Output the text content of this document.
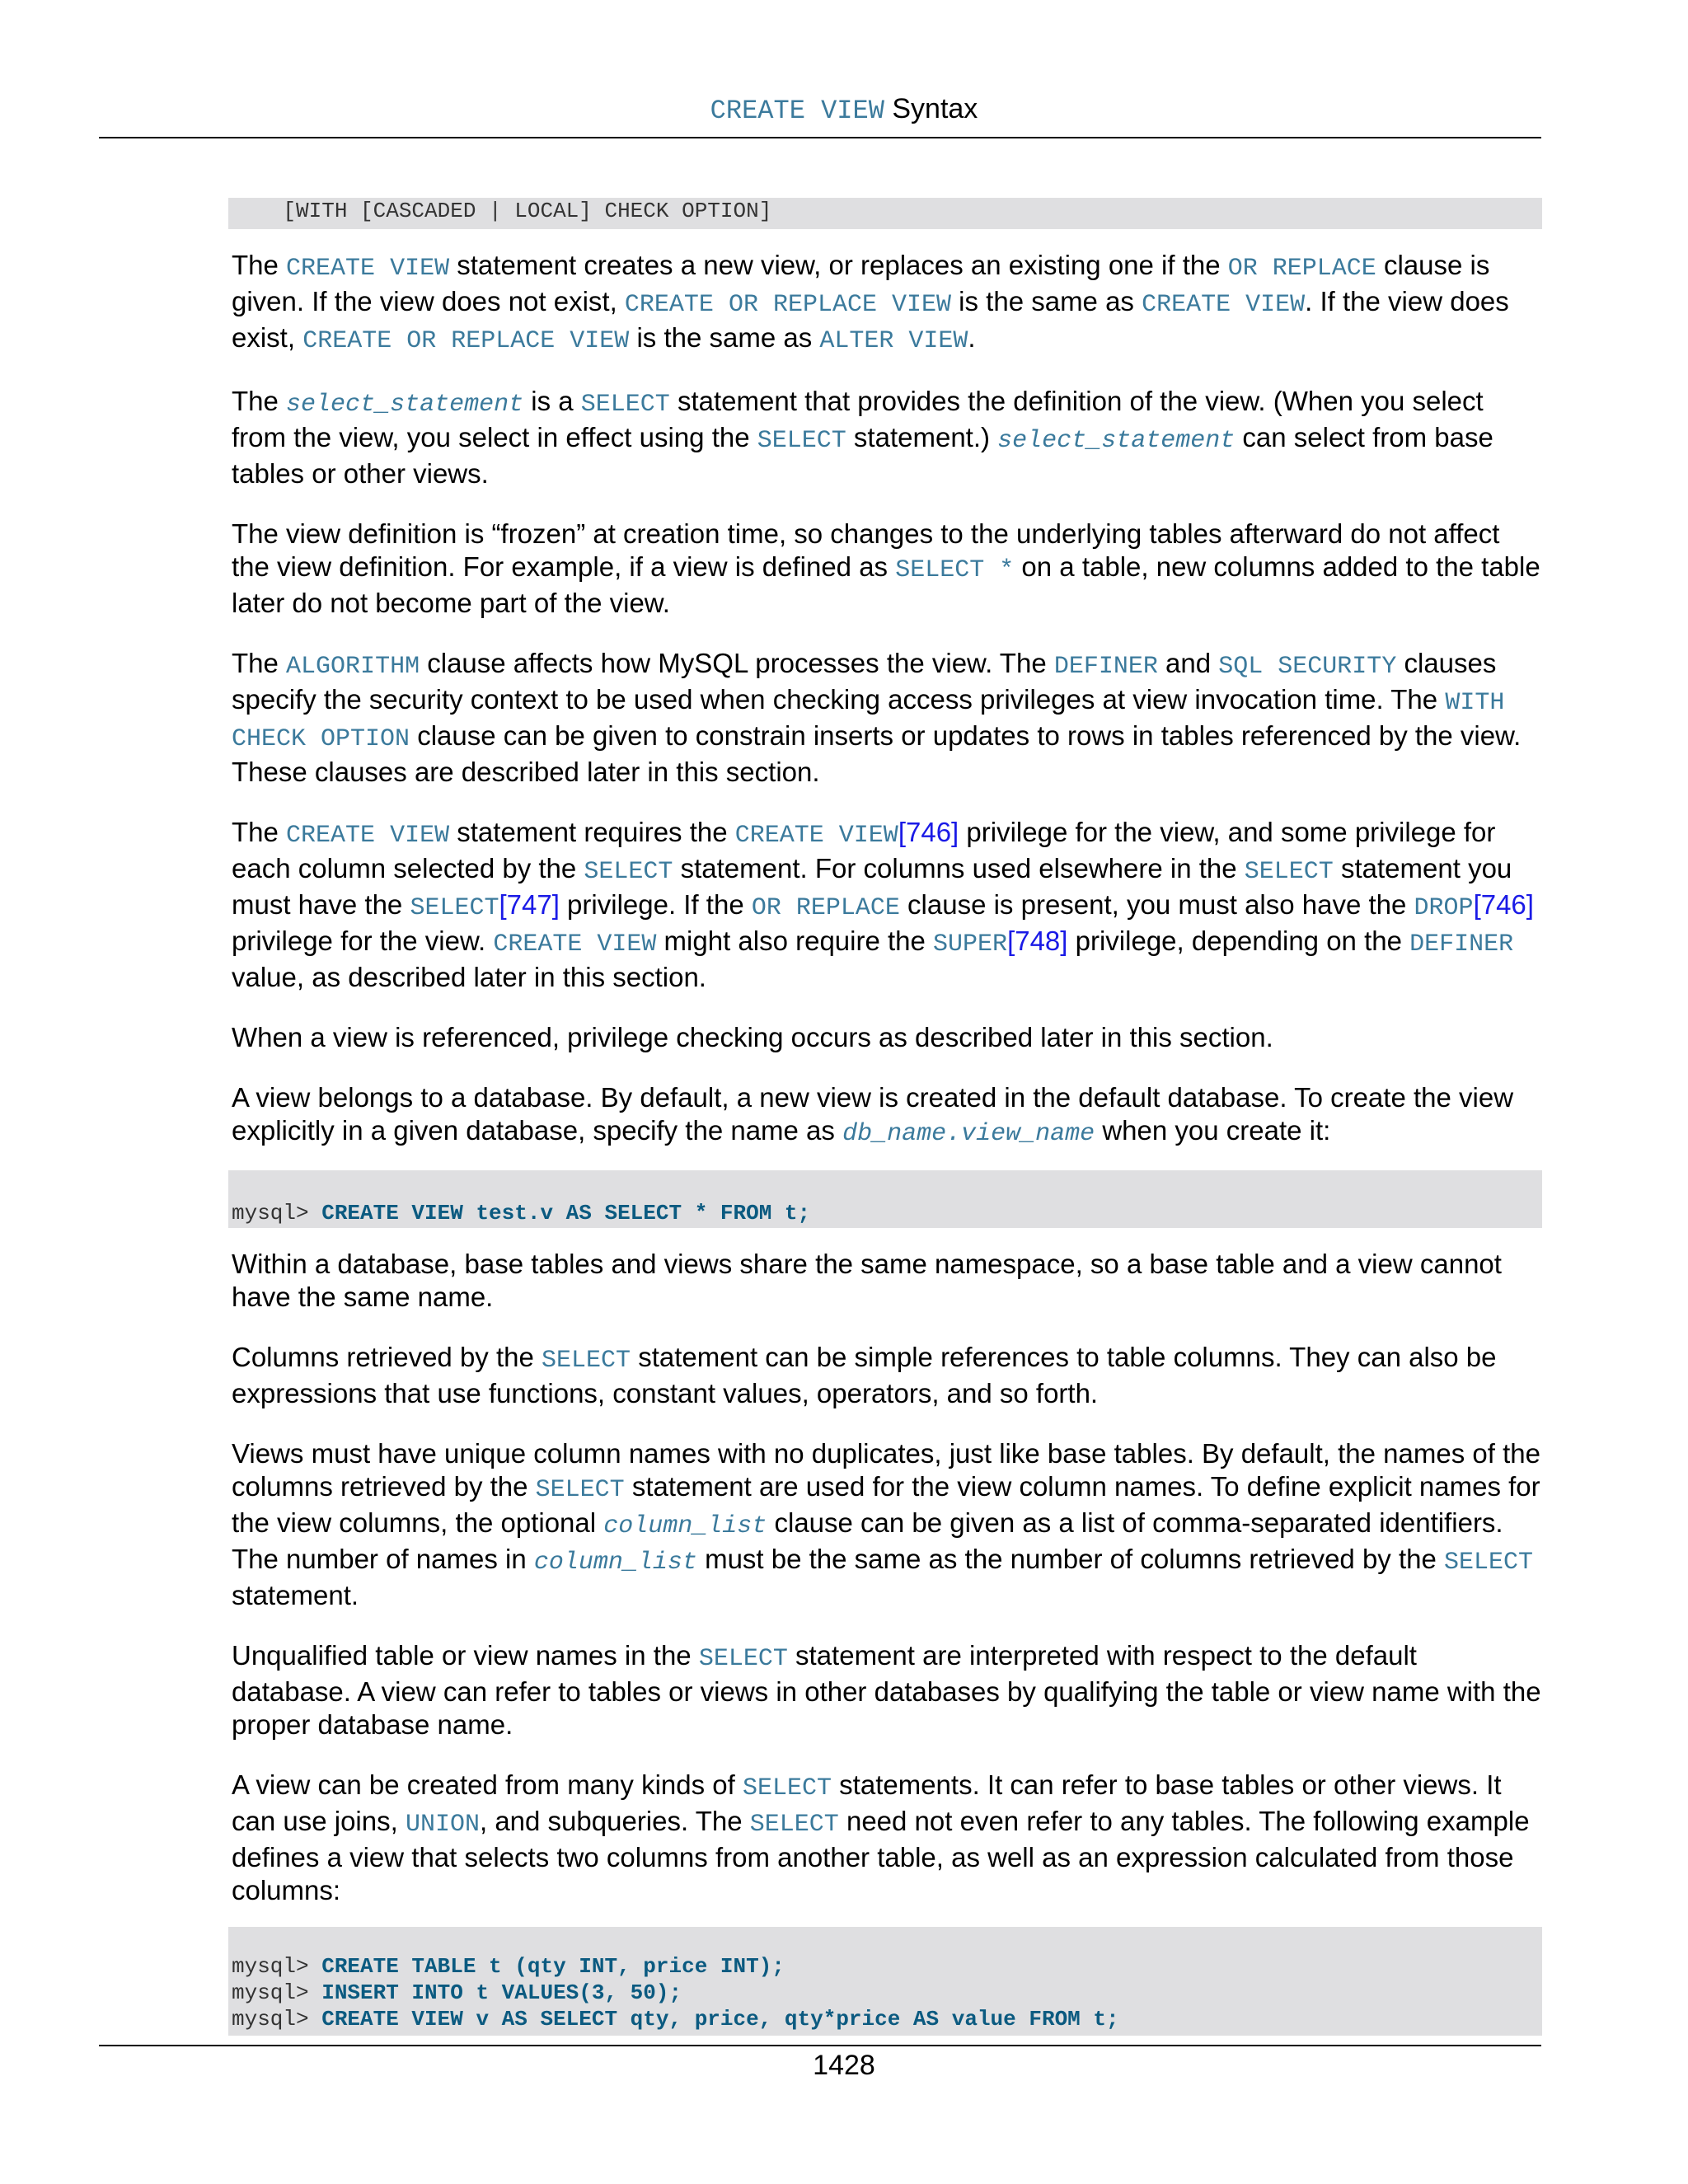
CREATE VIEW Syntax
[WITH [CASCADED | LOCAL] CHECK OPTION]

The CREATE VIEW statement creates a new view, or replaces an existing one if the OR REPLACE clause is given. If the view does not exist, CREATE OR REPLACE VIEW is the same as CREATE VIEW. If the view does exist, CREATE OR REPLACE VIEW is the same as ALTER VIEW.

The select_statement is a SELECT statement that provides the definition of the view. (When you select from the view, you select in effect using the SELECT statement.) select_statement can select from base tables or other views.

The view definition is “frozen” at creation time, so changes to the underlying tables afterward do not affect the view definition. For example, if a view is defined as SELECT * on a table, new columns added to the table later do not become part of the view.

The ALGORITHM clause affects how MySQL processes the view. The DEFINER and SQL SECURITY clauses specify the security context to be used when checking access privileges at view invocation time. The WITH CHECK OPTION clause can be given to constrain inserts or updates to rows in tables referenced by the view. These clauses are described later in this section.

The CREATE VIEW statement requires the CREATE VIEW[746] privilege for the view, and some privilege for each column selected by the SELECT statement. For columns used elsewhere in the SELECT statement you must have the SELECT[747] privilege. If the OR REPLACE clause is present, you must also have the DROP[746] privilege for the view. CREATE VIEW might also require the SUPER[748] privilege, depending on the DEFINER value, as described later in this section.

When a view is referenced, privilege checking occurs as described later in this section.

A view belongs to a database. By default, a new view is created in the default database. To create the view explicitly in a given database, specify the name as db_name.view_name when you create it:

mysql> CREATE VIEW test.v AS SELECT * FROM t;

Within a database, base tables and views share the same namespace, so a base table and a view cannot have the same name.

Columns retrieved by the SELECT statement can be simple references to table columns. They can also be expressions that use functions, constant values, operators, and so forth.

Views must have unique column names with no duplicates, just like base tables. By default, the names of the columns retrieved by the SELECT statement are used for the view column names. To define explicit names for the view columns, the optional column_list clause can be given as a list of comma-separated identifiers. The number of names in column_list must be the same as the number of columns retrieved by the SELECT statement.

Unqualified table or view names in the SELECT statement are interpreted with respect to the default database. A view can refer to tables or views in other databases by qualifying the table or view name with the proper database name.

A view can be created from many kinds of SELECT statements. It can refer to base tables or other views. It can use joins, UNION, and subqueries. The SELECT need not even refer to any tables. The following example defines a view that selects two columns from another table, as well as an expression calculated from those columns:

mysql> CREATE TABLE t (qty INT, price INT);
mysql> INSERT INTO t VALUES(3, 50);
mysql> CREATE VIEW v AS SELECT qty, price, qty*price AS value FROM t;
1428
